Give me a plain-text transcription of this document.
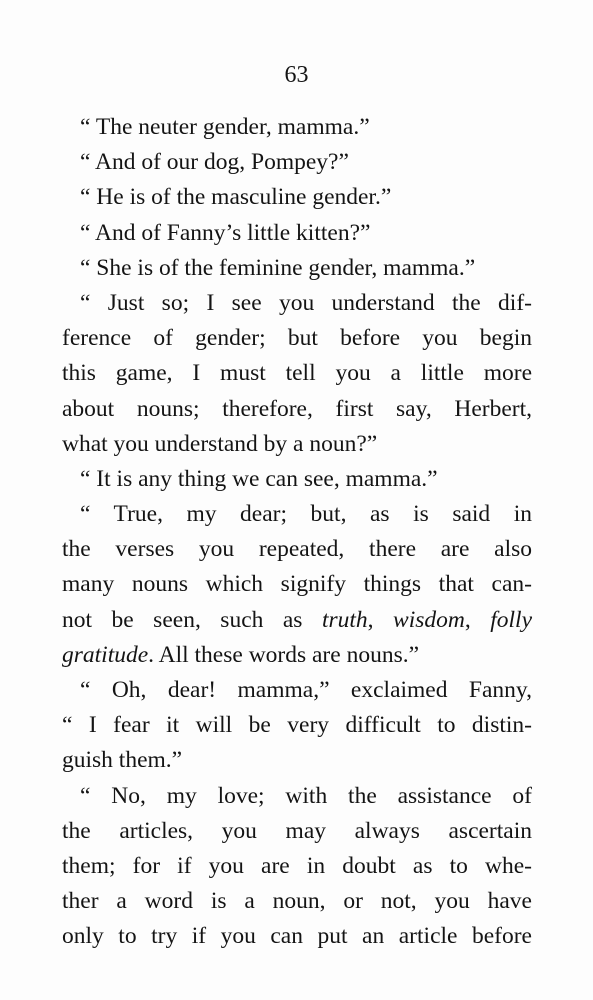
63
“ The neuter gender, mamma.”
“ And of our dog, Pompey?”
“ He is of the masculine gender.”
“ And of Fanny’s little kitten?”
“ She is of the feminine gender, mamma.”
“ Just so; I see you understand the dif-
ference of gender; but before you begin
this game, I must tell you a little more
about nouns; therefore, first say, Herbert,
what you understand by a noun?”
“ It is any thing we can see, mamma.”
“ True, my dear; but, as is said in
the verses you repeated, there are also
many nouns which signify things that can-
not be seen, such as truth, wisdom, folly
gratitude. All these words are nouns.”
“ Oh, dear! mamma,” exclaimed Fanny,
“ I fear it will be very difficult to distin-
guish them.”
“ No, my love; with the assistance of
the articles, you may always ascertain
them; for if you are in doubt as to whe-
ther a word is a noun, or not, you have
only to try if you can put an article before
